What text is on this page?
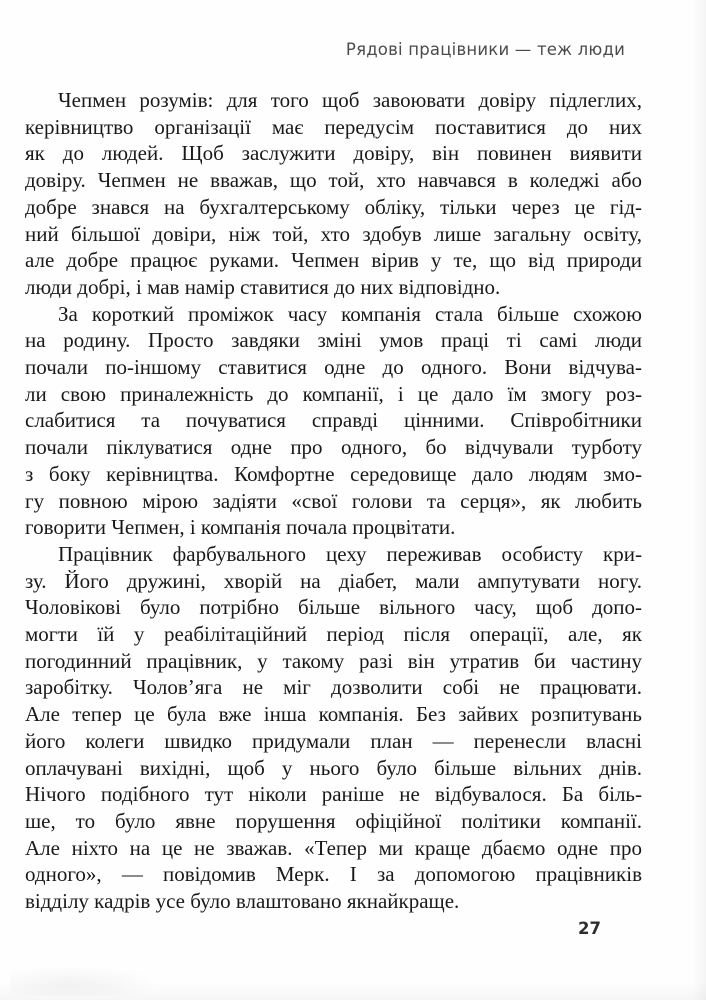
Рядові працівники — теж люди

Чепмен розумів: для того щоб завоювати довіру підлеглих,
керівництво організації має передусім поставитися до них
як до людей. Щоб заслужити довіру, він повинен виявити
довіру. Чепмен не вважав, що той, хто навчався в коледжі або
добре знався на бухгалтерському обліку, тільки через це гід-
ний більшої довіри, ніж той, хто здобув лише загальну освіту,
але добре працює руками. Чепмен вірив у те, що від природи
люди добрі, і мав намір ставитися до них відповідно.

За короткий проміжок часу компанія стала більше схожою
на родину. Просто завдяки зміні умов праці ті самі люди
почали по-іншому ставитися одне до одного. Вони відчува-
ли свою приналежність до компанії, і це дало їм змогу роз-
слабитися та почуватися справді цінними. Співробітники
почали піклуватися одне про одного, бо відчували турботу
з боку керівництва. Комфортне середовище дало людям змо-
гу повною мірою задіяти «свої голови та серця», як любить
говорити Чепмен, і компанія почала процвітати.

Працівник фарбувального цеху переживав особисту кри-
зу. Його дружині, хворій на діабет, мали ампутувати ногу.
Чоловікові було потрібно більше вільного часу, щоб допо-
могти їй у реабілітаційний період після операції, але, як
погодинний працівник, у такому разі він утратив би частину
заробітку. Чолов’яга не міг дозволити собі не працювати.
Але тепер це була вже інша компанія. Без зайвих розпитувань
його колеги швидко придумали план — перенесли власні
оплачувані вихідні, щоб у нього було більше вільних днів.
Нічого подібного тут ніколи раніше не відбувалося. Ба біль-
ше, то було явне порушення офіційної політики компанії.
Але ніхто на це не зважав. «Тепер ми краще дбаємо одне про
одного», — повідомив Мерк. І за допомогою працівників
відділу кадрів усе було влаштовано якнайкраще.

27
